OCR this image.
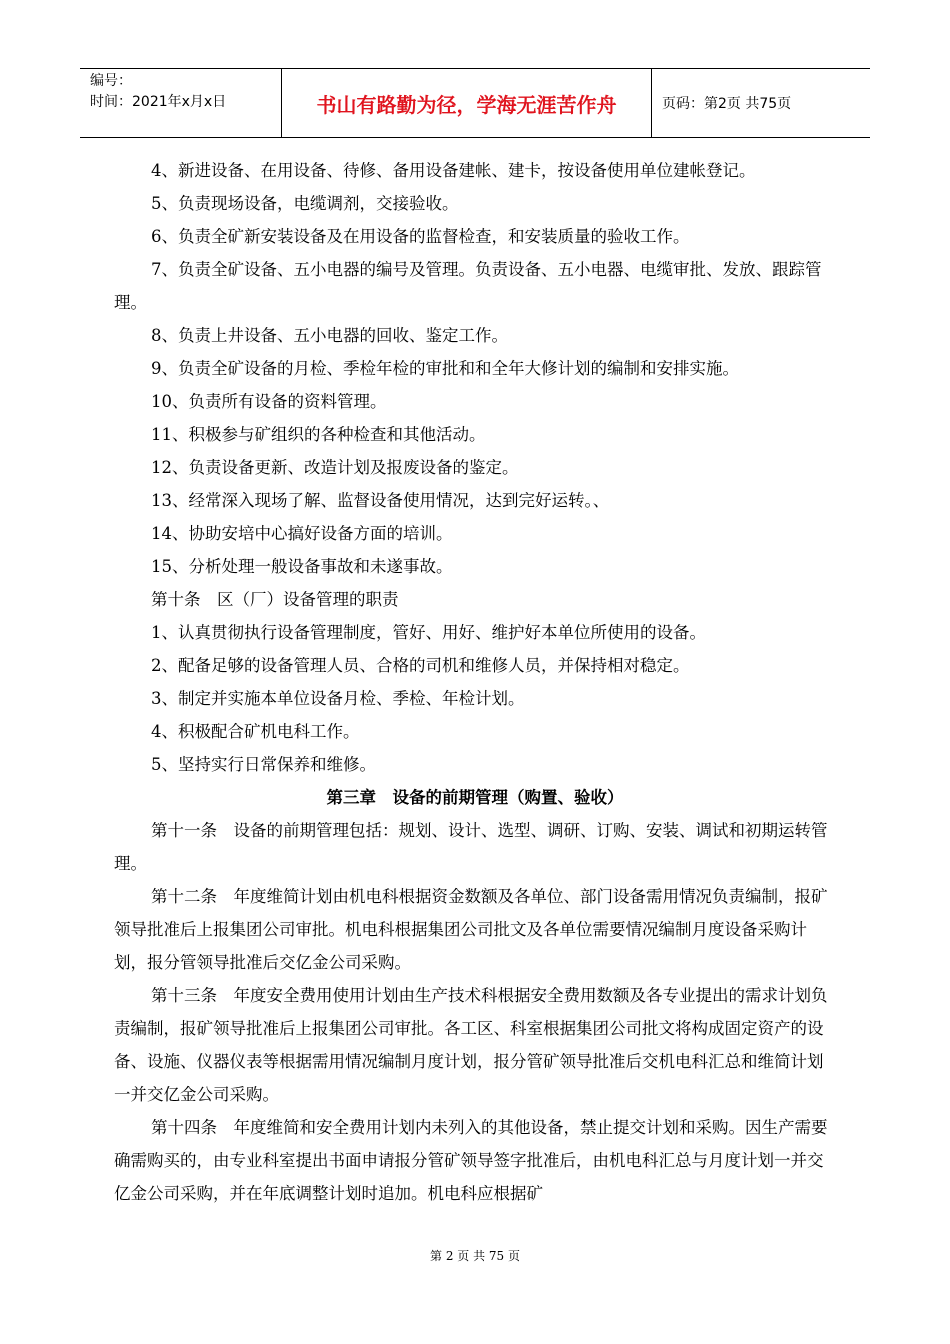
编号：
时间：2021年x月x日	书山有路勤为径，学海无涯苦作舟	页码：第2页 共75页

4、新进设备、在用设备、待修、备用设备建帐、建卡，按设备使用单位建帐登记。

5、负责现场设备，电缆调剂，交接验收。

6、负责全矿新安装设备及在用设备的监督检查，和安装质量的验收工作。

7、负责全矿设备、五小电器的编号及管理。负责设备、五小电器、电缆审批、发放、跟踪管理。

8、负责上井设备、五小电器的回收、鉴定工作。

9、负责全矿设备的月检、季检年检的审批和和全年大修计划的编制和安排实施。

10、负责所有设备的资料管理。

11、积极参与矿组织的各种检查和其他活动。

12、负责设备更新、改造计划及报废设备的鉴定。

13、经常深入现场了解、监督设备使用情况，达到完好运转。、

14、协助安培中心搞好设备方面的培训。

15、分析处理一般设备事故和未遂事故。

第十条　区（厂）设备管理的职责

1、认真贯彻执行设备管理制度，管好、用好、维护好本单位所使用的设备。

2、配备足够的设备管理人员、合格的司机和维修人员，并保持相对稳定。

3、制定并实施本单位设备月检、季检、年检计划。

4、积极配合矿机电科工作。

5、坚持实行日常保养和维修。

第三章　设备的前期管理（购置、验收）

第十一条　设备的前期管理包括：规划、设计、选型、调研、订购、安装、调试和初期运转管理。

第十二条　年度维简计划由机电科根据资金数额及各单位、部门设备需用情况负责编制，报矿领导批准后上报集团公司审批。机电科根据集团公司批文及各单位需要情况编制月度设备采购计划，报分管领导批准后交亿金公司采购。

第十三条　年度安全费用使用计划由生产技术科根据安全费用数额及各专业提出的需求计划负责编制，报矿领导批准后上报集团公司审批。各工区、科室根据集团公司批文将构成固定资产的设备、设施、仪器仪表等根据需用情况编制月度计划，报分管矿领导批准后交机电科汇总和维简计划一并交亿金公司采购。

第十四条　年度维简和安全费用计划内未列入的其他设备，禁止提交计划和采购。因生产需要确需购买的，由专业科室提出书面申请报分管矿领导签字批准后，由机电科汇总与月度计划一并交亿金公司采购，并在年底调整计划时追加。机电科应根据矿

第 2 页 共 75 页
